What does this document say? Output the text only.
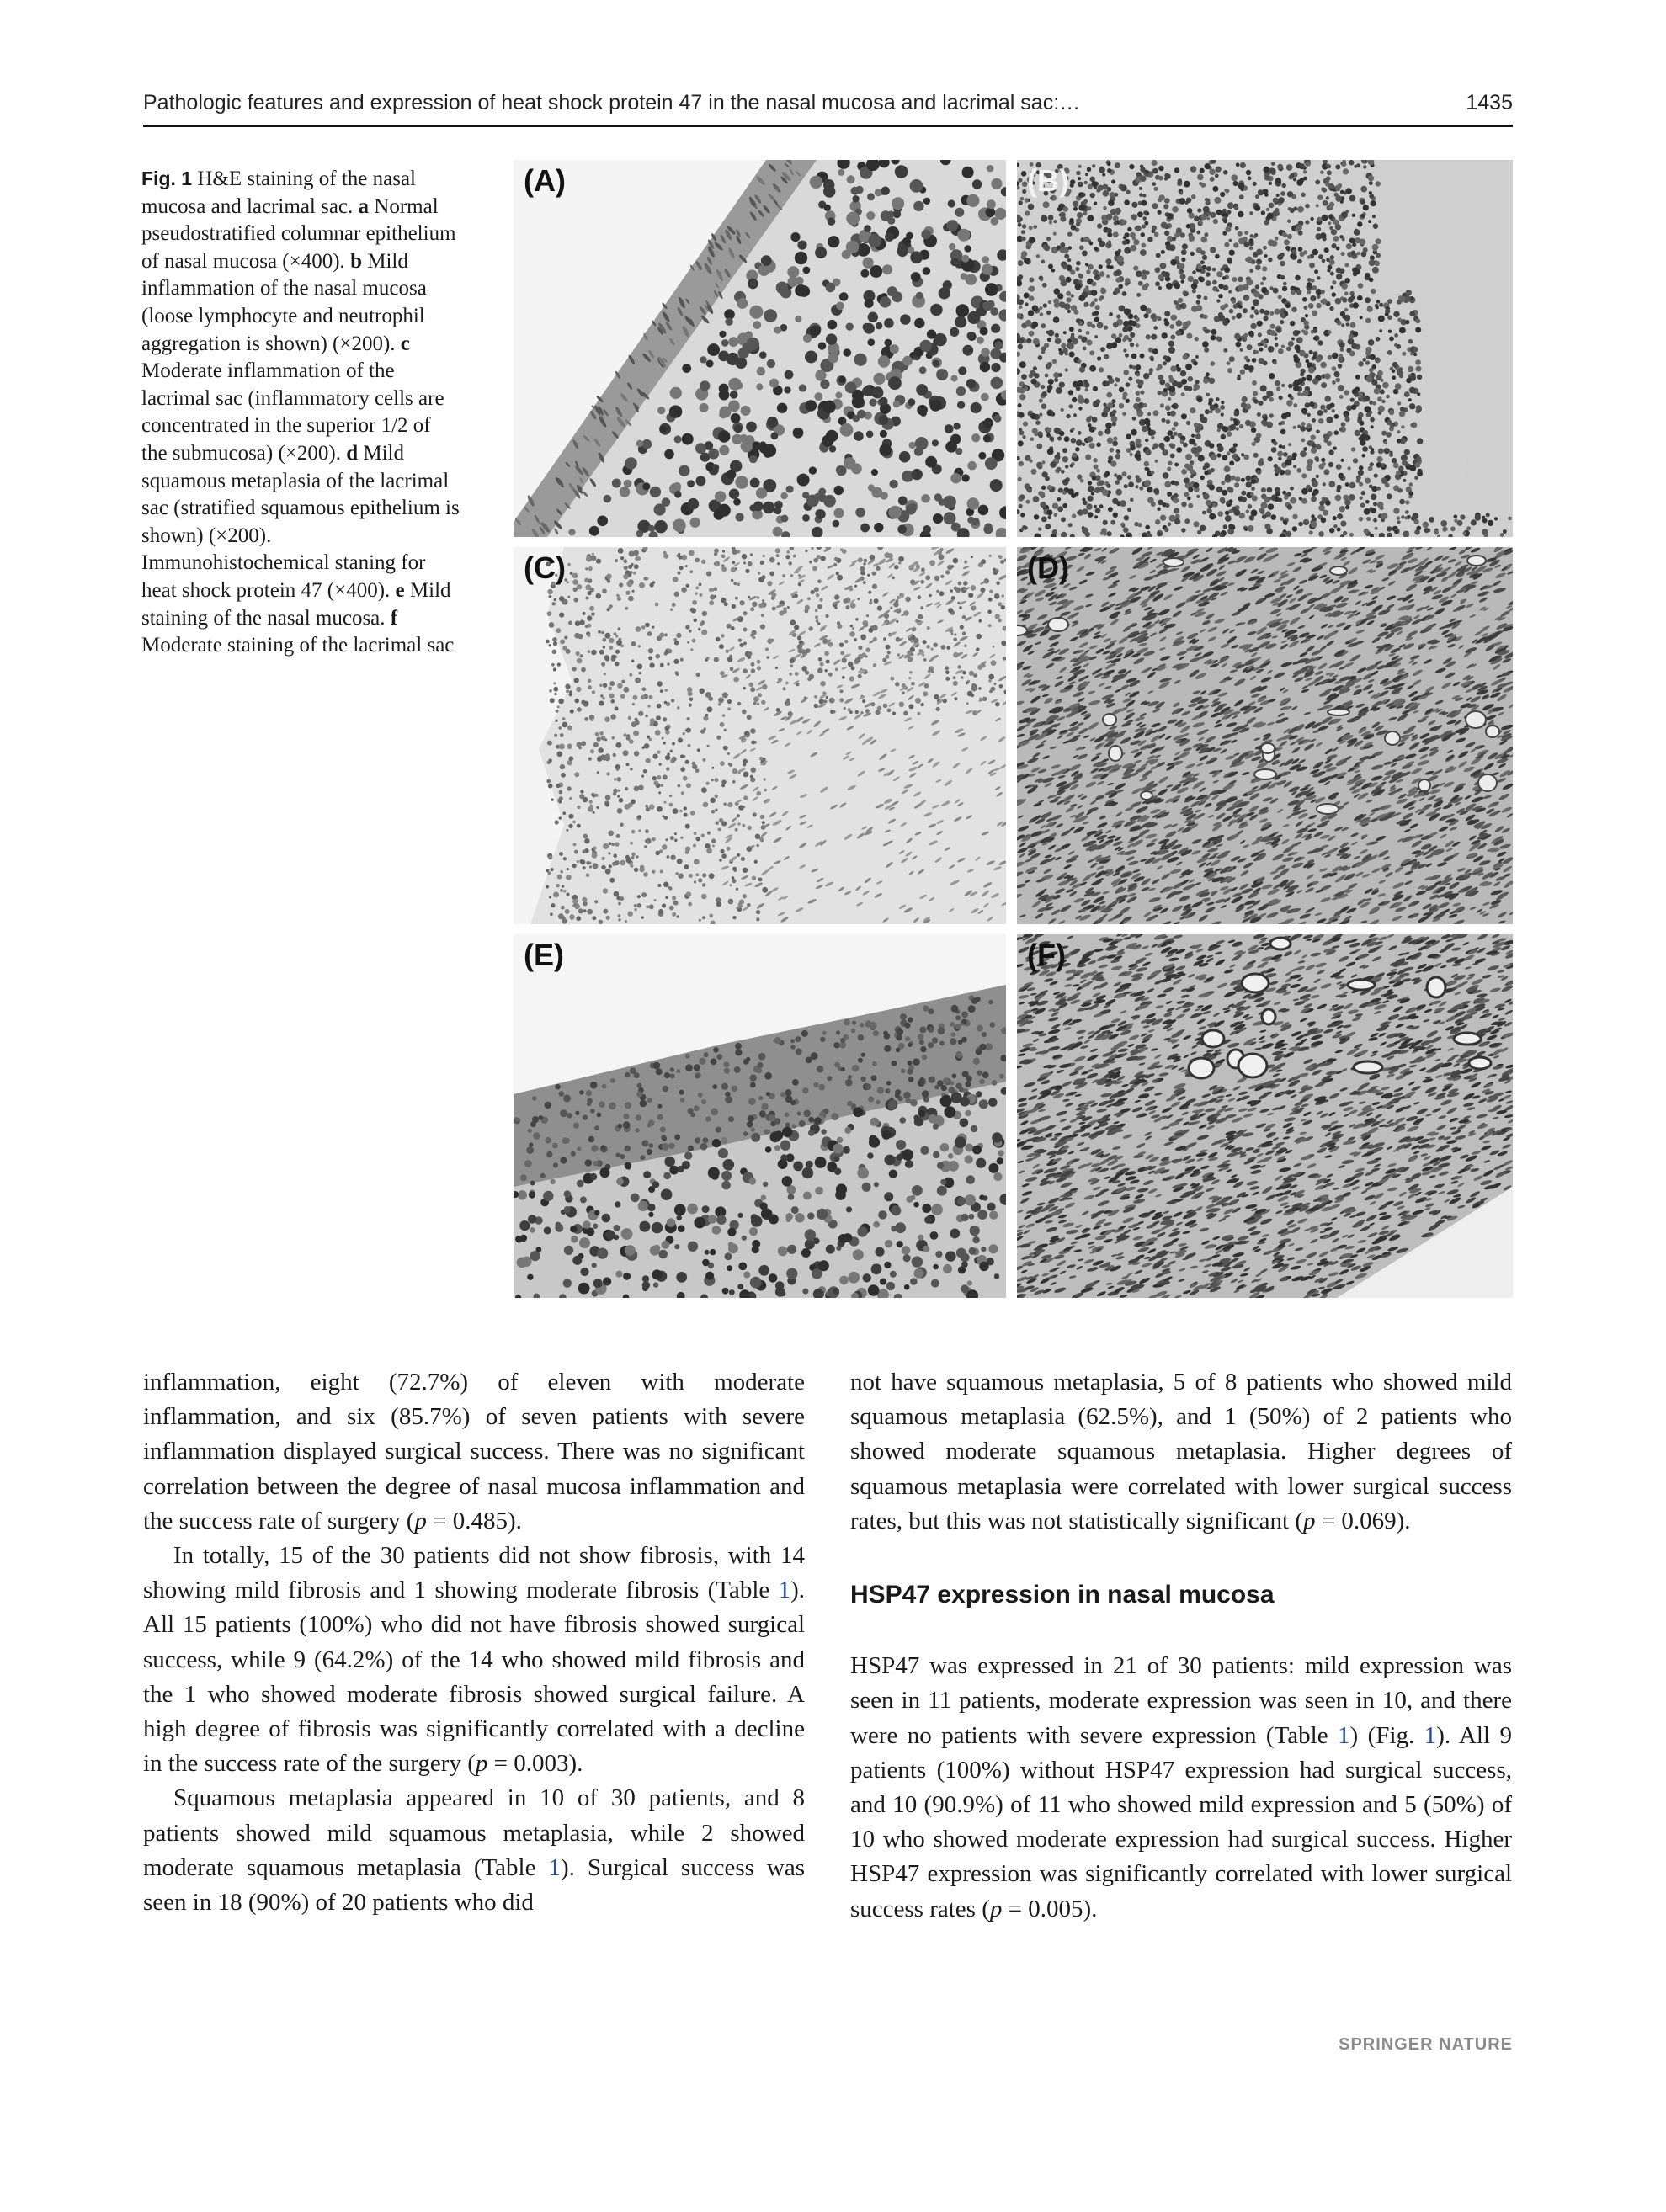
Pathologic features and expression of heat shock protein 47 in the nasal mucosa and lacrimal sac:…	1435
Fig. 1 H&E staining of the nasal mucosa and lacrimal sac. a Normal pseudostratified columnar epithelium of nasal mucosa (×400). b Mild inflammation of the nasal mucosa (loose lymphocyte and neutrophil aggregation is shown) (×200). c Moderate inflammation of the lacrimal sac (inflammatory cells are concentrated in the superior 1/2 of the submucosa) (×200). d Mild squamous metaplasia of the lacrimal sac (stratified squamous epithelium is shown) (×200). Immunohistochemical staning for heat shock protein 47 (×400). e Mild staining of the nasal mucosa. f Moderate staining of the lacrimal sac
(A)	(B)
(C)	(D)
(E)	(F)

inflammation, eight (72.7%) of eleven with moderate inflammation, and six (85.7%) of seven patients with severe inflammation displayed surgical success. There was no significant correlation between the degree of nasal mucosa inflammation and the success rate of surgery (p = 0.485).

In totally, 15 of the 30 patients did not show fibrosis, with 14 showing mild fibrosis and 1 showing moderate fibrosis (Table 1). All 15 patients (100%) who did not have fibrosis showed surgical success, while 9 (64.2%) of the 14 who showed mild fibrosis and the 1 who showed moderate fibrosis showed surgical failure. A high degree of fibrosis was significantly correlated with a decline in the success rate of the surgery (p = 0.003).

Squamous metaplasia appeared in 10 of 30 patients, and 8 patients showed mild squamous metaplasia, while 2 showed moderate squamous metaplasia (Table 1). Surgical success was seen in 18 (90%) of 20 patients who did

not have squamous metaplasia, 5 of 8 patients who showed mild squamous metaplasia (62.5%), and 1 (50%) of 2 patients who showed moderate squamous metaplasia. Higher degrees of squamous metaplasia were correlated with lower surgical success rates, but this was not statistically significant (p = 0.069).

HSP47 expression in nasal mucosa

HSP47 was expressed in 21 of 30 patients: mild expression was seen in 11 patients, moderate expression was seen in 10, and there were no patients with severe expression (Table 1) (Fig. 1). All 9 patients (100%) without HSP47 expression had surgical success, and 10 (90.9%) of 11 who showed mild expression and 5 (50%) of 10 who showed moderate expression had surgical success. Higher HSP47 expression was significantly correlated with lower surgical success rates (p = 0.005).

SPRINGER NATURE
